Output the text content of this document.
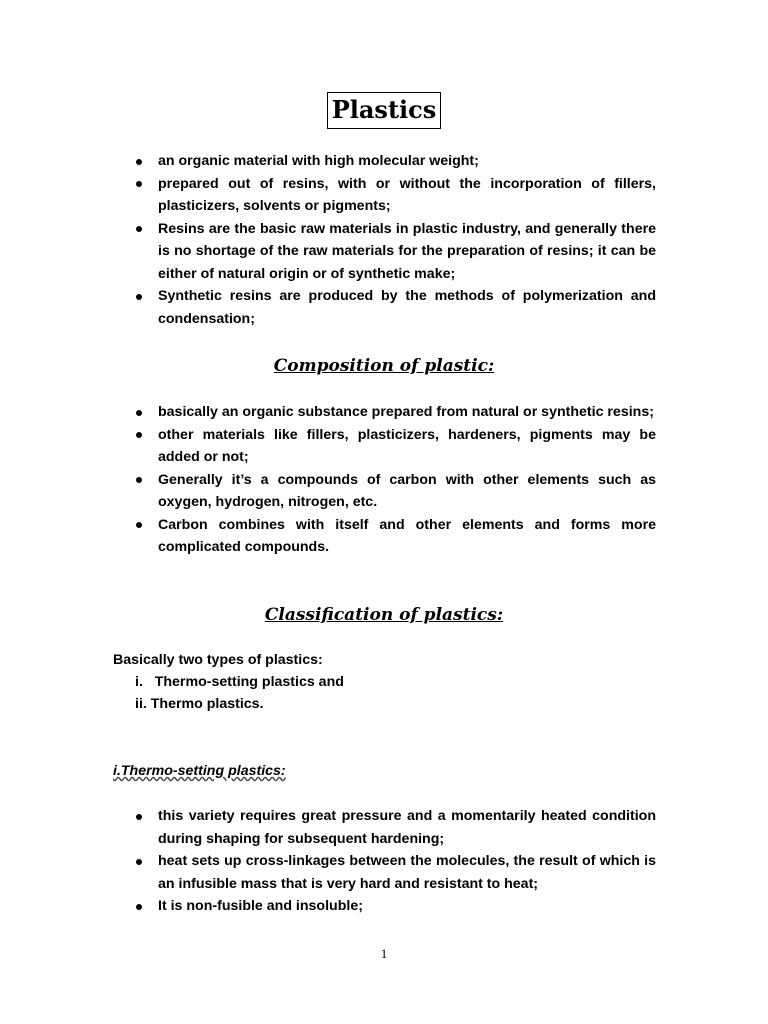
Plastics
an organic material with high molecular weight;
prepared out of resins, with or without the incorporation of fillers, plasticizers, solvents or pigments;
Resins are the basic raw materials in plastic industry, and generally there is no shortage of the raw materials for the preparation of resins; it can be either of natural origin or of synthetic make;
Synthetic resins are produced by the methods of polymerization and condensation;
Composition of plastic:
basically an organic substance prepared from natural or synthetic resins;
other materials like fillers, plasticizers, hardeners, pigments may be added or not;
Generally it’s a compounds of carbon with other elements such as oxygen, hydrogen, nitrogen, etc.
Carbon combines with itself and other elements and forms more complicated compounds.
Classification of plastics:
Basically two types of plastics:
i.   Thermo-setting plastics and
ii. Thermo plastics.
i.Thermo-setting plastics:
this variety requires great pressure and a momentarily heated condition during shaping for subsequent hardening;
heat sets up cross-linkages between the molecules, the result of which is an infusible mass that is very hard and resistant to heat;
It is non-fusible and insoluble;
1
